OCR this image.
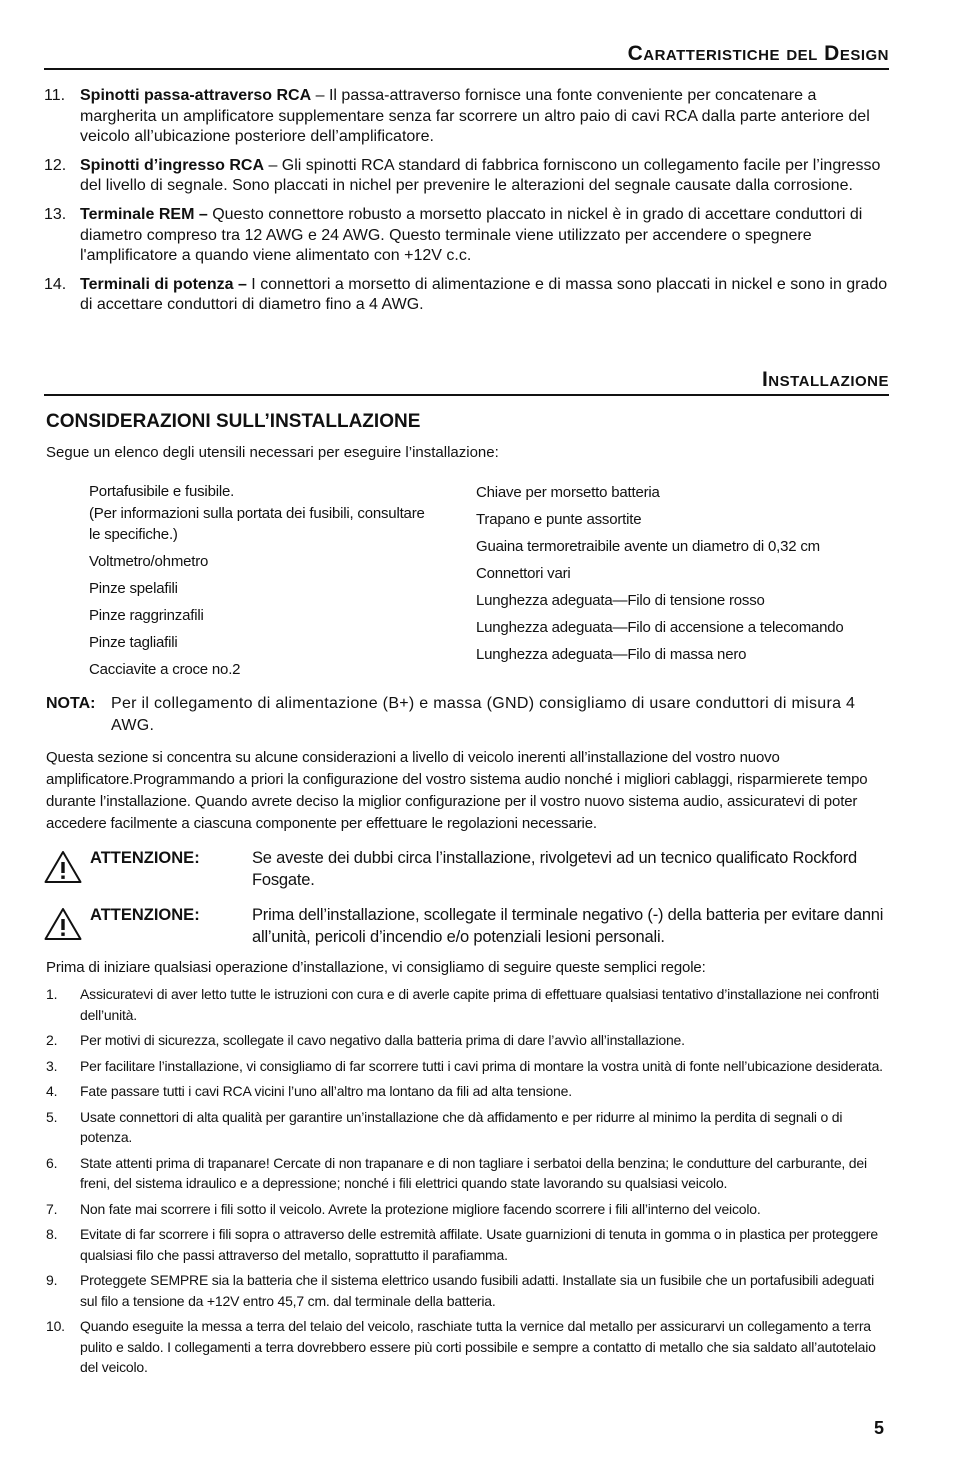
Caratteristiche del Design
11. Spinotti passa-attraverso RCA – Il passa-attraverso fornisce una fonte conveniente per concatenare a margherita un amplificatore supplementare senza far scorrere un altro paio di cavi RCA dalla parte anteriore del veicolo all’ubicazione posteriore dell’amplificatore.
12. Spinotti d’ingresso RCA – Gli spinotti RCA standard di fabbrica forniscono un collegamento facile per l’ingresso del livello di segnale. Sono placcati in nichel per prevenire le alterazioni del segnale causate dalla corrosione.
13. Terminale REM – Questo connettore robusto a morsetto placcato in nickel è in grado di accettare conduttori di diametro compreso tra 12 AWG e 24 AWG. Questo terminale viene utilizzato per accendere o spegnere l'amplificatore a quando viene alimentato con +12V c.c.
14. Terminali di potenza – I connettori a morsetto di alimentazione e di massa sono placcati in nickel e sono in grado di accettare conduttori di diametro fino a 4 AWG.
Installazione
CONSIDERAZIONI SULL’INSTALLAZIONE
Segue un elenco degli utensili necessari per eseguire l’installazione:
Portafusibile e fusibile.
(Per informazioni sulla portata dei fusibili, consultare le specifiche.)
Voltmetro/ohmetro
Pinze spelafili
Pinze raggrinzafili
Pinze tagliafili
Cacciavite a croce no.2
Chiave per morsetto batteria
Trapano e punte assortite
Guaina termoretraibile avente un diametro di 0,32 cm
Connettori vari
Lunghezza adeguata—Filo di tensione rosso
Lunghezza adeguata—Filo di accensione a telecomando
Lunghezza adeguata—Filo di massa nero
NOTA: Per il collegamento di alimentazione (B+) e massa (GND) consigliamo di usare conduttori di misura 4 AWG.
Questa sezione si concentra su alcune considerazioni a livello di veicolo inerenti all’installazione del vostro nuovo amplificatore.Programmando a priori la configurazione del vostro sistema audio nonché i migliori cablaggi, risparmierete tempo durante l’installazione. Quando avrete deciso la miglior configurazione per il vostro nuovo sistema audio, assicuratevi di poter accedere facilmente a ciascuna componente per effettuare le regolazioni necessarie.
ATTENZIONE:	Se aveste dei dubbi circa l’installazione, rivolgetevi ad un tecnico qualificato Rockford Fosgate.
ATTENZIONE:	Prima dell’installazione, scollegate il terminale negativo (-) della batteria per evitare danni all’unità, pericoli d’incendio e/o potenziali lesioni personali.
Prima di iniziare qualsiasi operazione d’installazione, vi consigliamo di seguire queste semplici regole:
1. Assicuratevi di aver letto tutte le istruzioni con cura e di averle capite prima di effettuare qualsiasi tentativo d’installazione nei confronti dell’unità.
2. Per motivi di sicurezza, scollegate il cavo negativo dalla batteria prima di dare l’avvìo all’installazione.
3. Per facilitare l’installazione, vi consigliamo di far scorrere tutti i cavi prima di montare la vostra unità di fonte nell’ubicazione desiderata.
4. Fate passare tutti i cavi RCA vicini l’uno all’altro ma lontano da fili ad alta tensione.
5. Usate connettori di alta qualità per garantire un’installazione che dà affidamento e per ridurre al minimo la perdita di segnali o di potenza.
6. State attenti prima di trapanare! Cercate di non trapanare e di non tagliare i serbatoi della benzina; le condutture del carburante, dei freni, del sistema idraulico e a depressione; nonché i fili elettrici quando state lavorando su qualsiasi veicolo.
7. Non fate mai scorrere i fili sotto il veicolo. Avrete la protezione migliore facendo scorrere i fili all’interno del veicolo.
8. Evitate di far scorrere i fili sopra o attraverso delle estremità affilate. Usate guarnizioni di tenuta in gomma o in plastica per proteggere qualsiasi filo che passi attraverso del metallo, soprattutto il parafiamma.
9. Proteggete SEMPRE sia la batteria che il sistema elettrico usando fusibili adatti. Installate sia un fusibile che un portafusibili adeguati sul filo a tensione da +12V entro 45,7 cm. dal terminale della batteria.
10. Quando eseguite la messa a terra del telaio del veicolo, raschiate tutta la vernice dal metallo per assicurarvi un collegamento a terra pulito e saldo. I collegamenti a terra dovrebbero essere più corti possibile e sempre a contatto di metallo che sia saldato all’autotelaio del veicolo.
5
